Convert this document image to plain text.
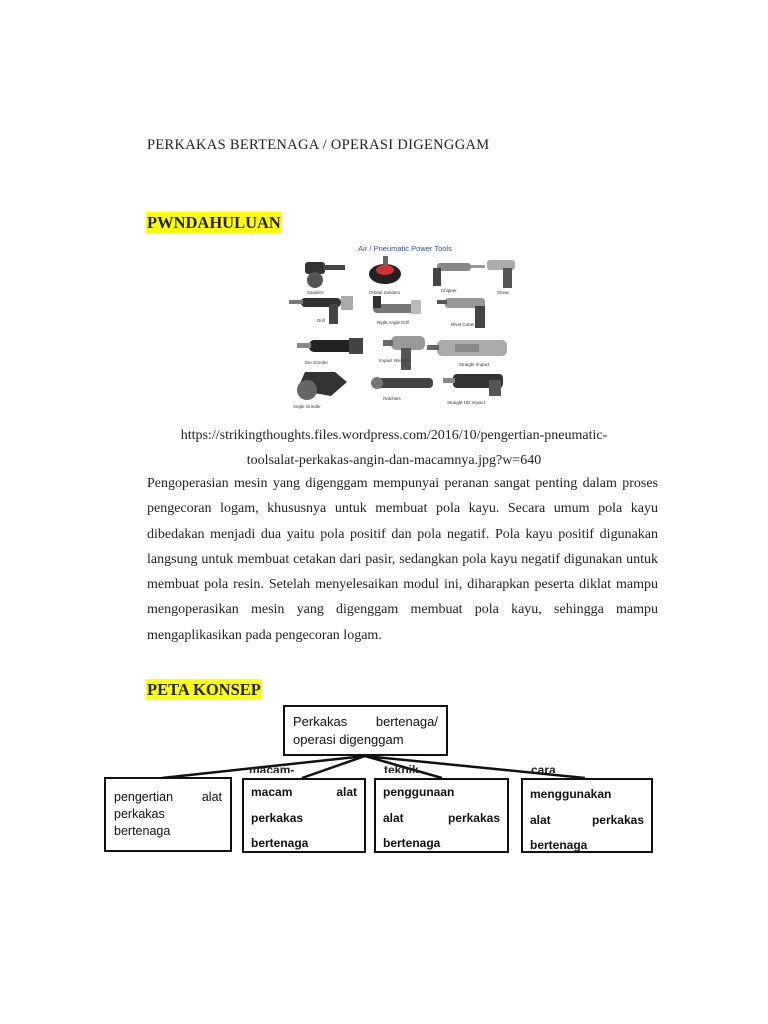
PERKAKAS BERTENAGA / OPERASI DIGENGGAM
PWNDAHULUAN
Air / Pneumatic Power Tools
Sanders	Orbital Sanders	Chipper	Shear
Drill	Right Angle Drill	Rivet Cutter
Die Grinder	Impact Wrench
Straight Impact
Angle Grinder
Ratchets
Straight HD Impact
https://strikingthoughts.files.wordpress.com/2016/10/pengertian-pneumatic-
toolsalat-perkakas-angin-dan-macamnya.jpg?w=640
Pengoperasian mesin yang digenggam mempunyai peranan sangat penting dalam proses pengecoran logam, khususnya untuk membuat pola kayu. Secara umum pola kayu dibedakan menjadi dua yaitu pola positif dan pola negatif. Pola kayu positif digunakan langsung untuk membuat cetakan dari pasir, sedangkan pola kayu negatif digunakan untuk membuat pola resin. Setelah menyelesaikan modul ini, diharapkan peserta diklat mampu mengoperasikan mesin yang digenggam membuat pola kayu, sehingga mampu mengaplikasikan pada pengecoran logam.
PETA KONSEP
Perkakas bertenaga/
operasi digenggam
pengertian alat
perkakas
bertenaga
macam-
macam alat
perkakas
bertenaga
teknik
penggunaan
alat perkakas
bertenaga
cara
menggunakan
alat perkakas
bertenaga
